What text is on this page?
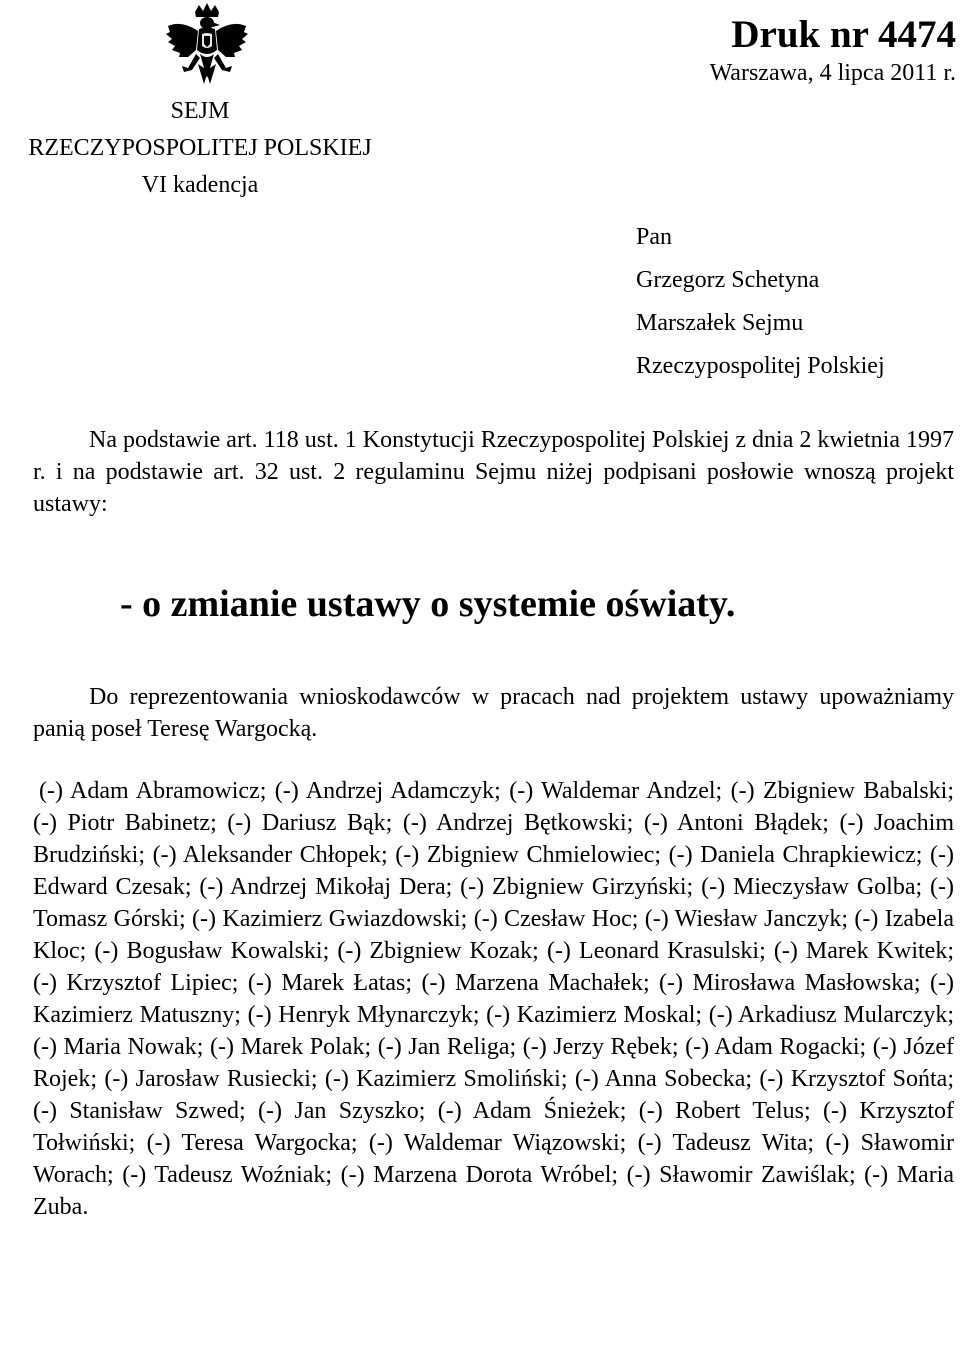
SEJM
RZECZYPOSPOLITEJ POLSKIEJ
VI kadencja
Druk nr 4474
Warszawa, 4 lipca 2011 r.
Pan
Grzegorz Schetyna
Marszałek Sejmu
Rzeczypospolitej Polskiej
Na podstawie art. 118 ust. 1 Konstytucji Rzeczypospolitej Polskiej z dnia 2 kwietnia 1997 r. i na podstawie art. 32 ust. 2 regulaminu Sejmu niżej podpisani posłowie wnoszą projekt ustawy:
- o zmianie ustawy o systemie oświaty.
Do reprezentowania wnioskodawców w pracach nad projektem ustawy upoważniamy panią poseł Teresę Wargocką.
(-) Adam Abramowicz; (-) Andrzej Adamczyk; (-) Waldemar Andzel; (-) Zbigniew Babalski; (-) Piotr Babinetz; (-) Dariusz Bąk; (-) Andrzej Bętkowski; (-) Antoni Błądek; (-) Joachim Brudziński; (-) Aleksander Chłopek; (-) Zbigniew Chmielowiec; (-) Daniela Chrapkiewicz; (-) Edward Czesak; (-) Andrzej Mikołaj Dera; (-) Zbigniew Girzyński; (-) Mieczysław Golba; (-) Tomasz Górski; (-) Kazimierz Gwiazdowski; (-) Czesław Hoc; (-) Wiesław Janczyk; (-) Izabela Kloc; (-) Bogusław Kowalski; (-) Zbigniew Kozak; (-) Leonard Krasulski; (-) Marek Kwitek; (-) Krzysztof Lipiec; (-) Marek Łatas; (-) Marzena Machałek; (-) Mirosława Masłowska; (-) Kazimierz Matuszny; (-) Henryk Młynarczyk; (-) Kazimierz Moskal; (-) Arkadiusz Mularczyk; (-) Maria Nowak; (-) Marek Polak; (-) Jan Religa; (-) Jerzy Rębek; (-) Adam Rogacki; (-) Józef Rojek; (-) Jarosław Rusiecki; (-) Kazimierz Smoliński; (-) Anna Sobecka; (-) Krzysztof Sońta; (-) Stanisław Szwed; (-) Jan Szyszko; (-) Adam Śnieżek; (-) Robert Telus; (-) Krzysztof Tołwiński; (-) Teresa Wargocka; (-) Waldemar Wiązowski; (-) Tadeusz Wita; (-) Sławomir Worach; (-) Tadeusz Woźniak; (-) Marzena Dorota Wróbel; (-) Sławomir Zawiślak; (-) Maria Zuba.
